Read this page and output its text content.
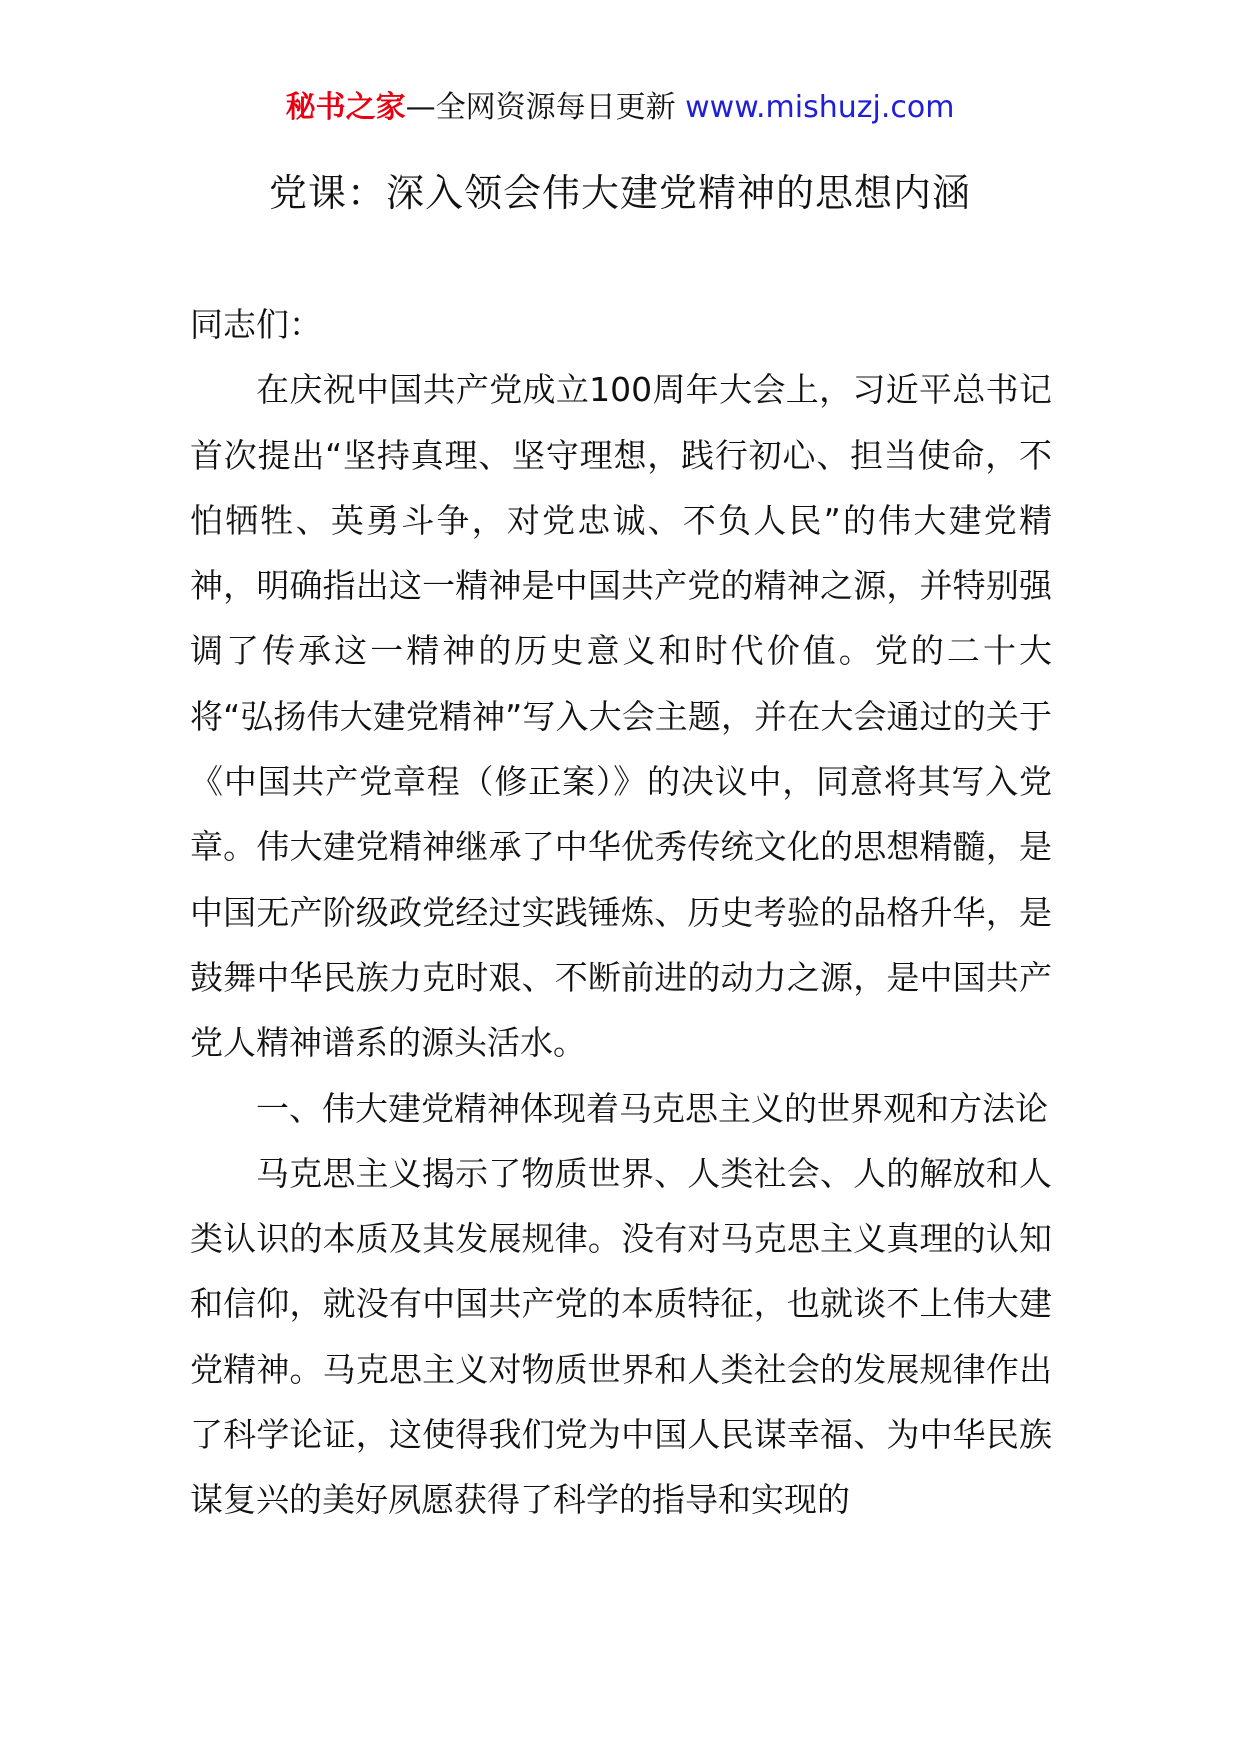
秘书之家—全网资源每日更新 www.mishuzj.com
党课：深入领会伟大建党精神的思想内涵

同志们：

在庆祝中国共产党成立100周年大会上，习近平总书记首次提出“坚持真理、坚守理想，践行初心、担当使命，不怕牺牲、英勇斗争，对党忠诚、不负人民”的伟大建党精神，明确指出这一精神是中国共产党的精神之源，并特别强调了传承这一精神的历史意义和时代价值。党的二十大将“弘扬伟大建党精神”写入大会主题，并在大会通过的关于《中国共产党章程（修正案）》的决议中，同意将其写入党章。伟大建党精神继承了中华优秀传统文化的思想精髓，是中国无产阶级政党经过实践锤炼、历史考验的品格升华，是鼓舞中华民族力克时艰、不断前进的动力之源，是中国共产党人精神谱系的源头活水。

一、伟大建党精神体现着马克思主义的世界观和方法论

马克思主义揭示了物质世界、人类社会、人的解放和人类认识的本质及其发展规律。没有对马克思主义真理的认知和信仰，就没有中国共产党的本质特征，也就谈不上伟大建党精神。马克思主义对物质世界和人类社会的发展规律作出了科学论证，这使得我们党为中国人民谋幸福、为中华民族谋复兴的美好夙愿获得了科学的指导和实现的
